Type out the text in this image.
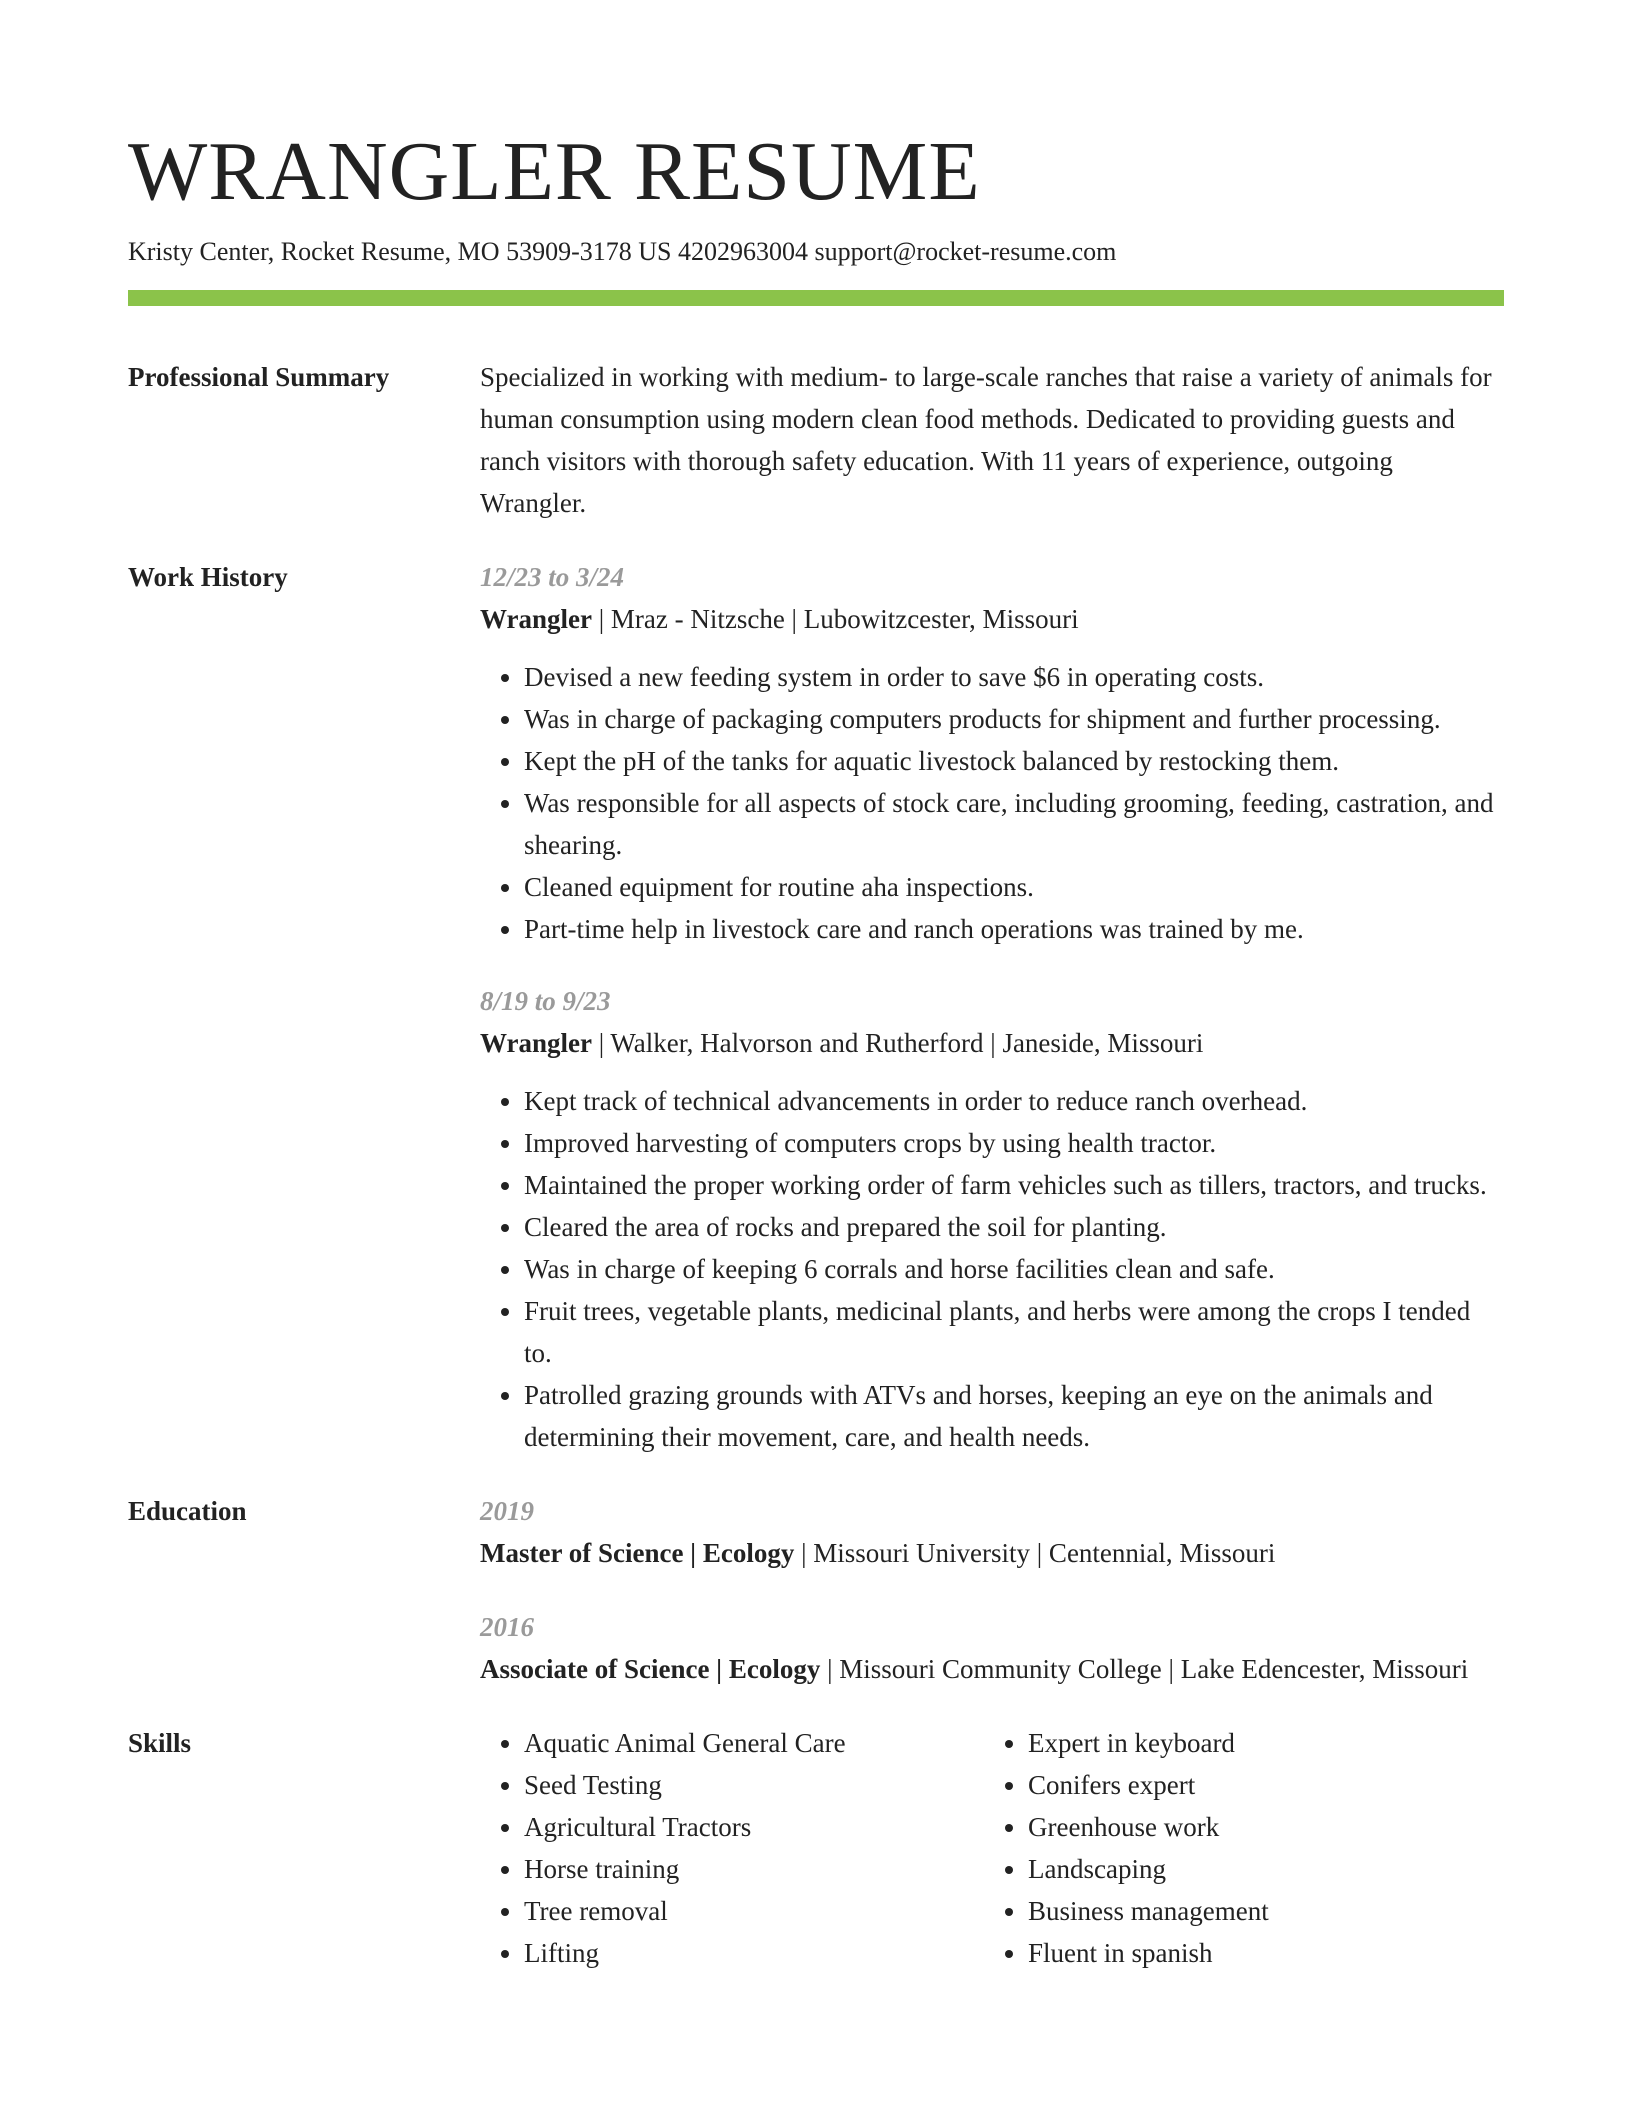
WRANGLER RESUME
Kristy Center, Rocket Resume, MO 53909-3178 US 4202963004 support@rocket-resume.com
Professional Summary	Specialized in working with medium- to large-scale ranches that raise a variety of animals for human consumption using modern clean food methods. Dedicated to providing guests and ranch visitors with thorough safety education. With 11 years of experience, outgoing Wrangler.

Work History	12/23 to 3/24
Wrangler | Mraz - Nitzsche | Lubowitzcester, Missouri
• Devised a new feeding system in order to save $6 in operating costs.
• Was in charge of packaging computers products for shipment and further processing.
• Kept the pH of the tanks for aquatic livestock balanced by restocking them.
• Was responsible for all aspects of stock care, including grooming, feeding, castration, and shearing.
• Cleaned equipment for routine aha inspections.
• Part-time help in livestock care and ranch operations was trained by me.
8/19 to 9/23
Wrangler | Walker, Halvorson and Rutherford | Janeside, Missouri
• Kept track of technical advancements in order to reduce ranch overhead.
• Improved harvesting of computers crops by using health tractor.
• Maintained the proper working order of farm vehicles such as tillers, tractors, and trucks.
• Cleared the area of rocks and prepared the soil for planting.
• Was in charge of keeping 6 corrals and horse facilities clean and safe.
• Fruit trees, vegetable plants, medicinal plants, and herbs were among the crops I tended to.
• Patrolled grazing grounds with ATVs and horses, keeping an eye on the animals and determining their movement, care, and health needs.
Education	2019
Master of Science | Ecology | Missouri University | Centennial, Missouri
2016
Associate of Science | Ecology | Missouri Community College | Lake Edencester, Missouri
Skills
•	Aquatic Animal General Care
• Seed Testing
• Agricultural Tractors
• Horse training
• Tree removal
• Lifting
• Expert in keyboard
• Conifers expert
• Greenhouse work
• Landscaping
• Business management
• Fluent in spanish
